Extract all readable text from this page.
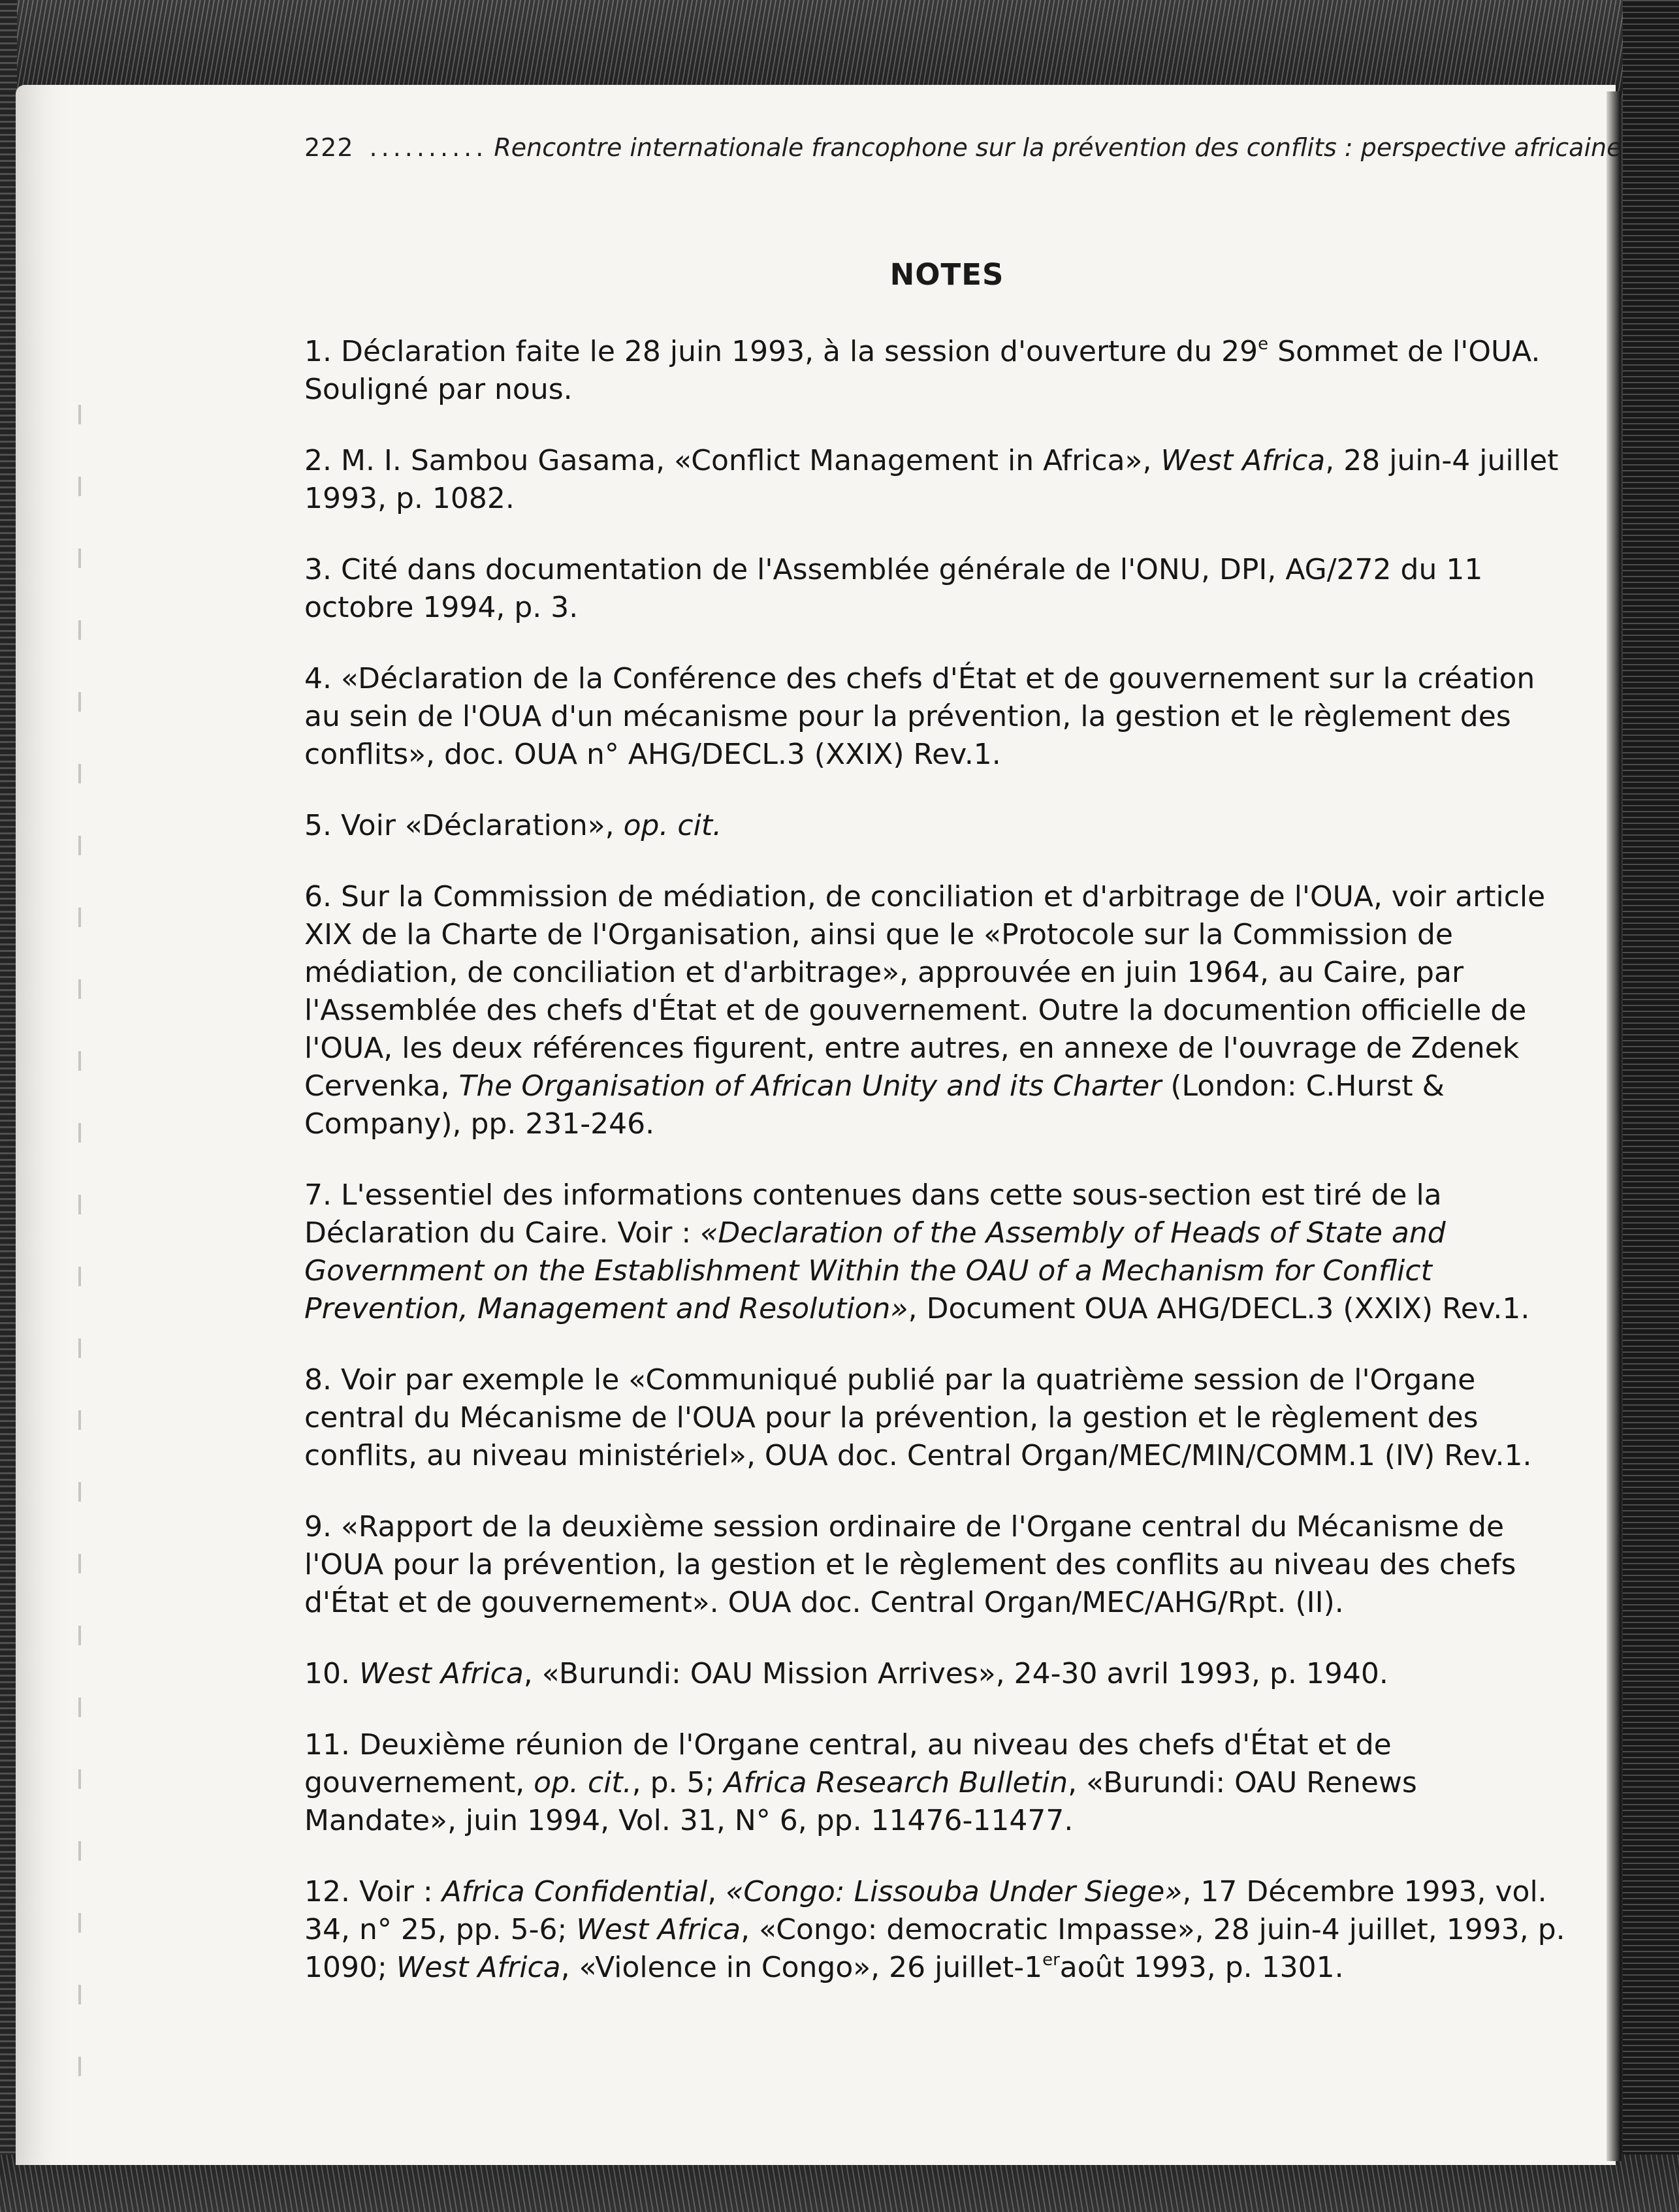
222 .......... Rencontre internationale francophone sur la prévention des conflits : perspective africaine
NOTES

1. Déclaration faite le 28 juin 1993, à la session d'ouverture du 29e Sommet de l'OUA. Souligné par nous.

2. M. I. Sambou Gasama, «Conflict Management in Africa», West Africa, 28 juin-4 juillet 1993, p. 1082.

3. Cité dans documentation de l'Assemblée générale de l'ONU, DPI, AG/272 du 11 octobre 1994, p. 3.

4. «Déclaration de la Conférence des chefs d'État et de gouvernement sur la création au sein de l'OUA d'un mécanisme pour la prévention, la gestion et le règlement des conflits», doc. OUA n° AHG/DECL.3 (XXIX) Rev.1.

5. Voir «Déclaration», op. cit.

6. Sur la Commission de médiation, de conciliation et d'arbitrage de l'OUA, voir article XIX de la Charte de l'Organisation, ainsi que le «Protocole sur la Commission de médiation, de conciliation et d'arbitrage», approuvée en juin 1964, au Caire, par l'Assemblée des chefs d'État et de gouvernement. Outre la documention officielle de l'OUA, les deux références figurent, entre autres, en annexe de l'ouvrage de Zdenek Cervenka, The Organisation of African Unity and its Charter (London: C.Hurst & Company), pp. 231-246.

7. L'essentiel des informations contenues dans cette sous-section est tiré de la Déclaration du Caire. Voir : «Declaration of the Assembly of Heads of State and Government on the Establishment Within the OAU of a Mechanism for Conflict Prevention, Management and Resolution», Document OUA AHG/DECL.3 (XXIX) Rev.1.

8. Voir par exemple le «Communiqué publié par la quatrième session de l'Organe central du Mécanisme de l'OUA pour la prévention, la gestion et le règlement des conflits, au niveau ministériel», OUA doc. Central Organ/MEC/MIN/COMM.1 (IV) Rev.1.

9. «Rapport de la deuxième session ordinaire de l'Organe central du Mécanisme de l'OUA pour la prévention, la gestion et le règlement des conflits au niveau des chefs d'État et de gouvernement». OUA doc. Central Organ/MEC/AHG/Rpt. (II).

10. West Africa, «Burundi: OAU Mission Arrives», 24-30 avril 1993, p. 1940.

11. Deuxième réunion de l'Organe central, au niveau des chefs d'État et de gouvernement, op. cit., p. 5; Africa Research Bulletin, «Burundi: OAU Renews Mandate», juin 1994, Vol. 31, N° 6, pp. 11476-11477.

12. Voir : Africa Confidential, «Congo: Lissouba Under Siege», 17 Décembre 1993, vol. 34, n° 25, pp. 5-6; West Africa, «Congo: democratic Impasse», 28 juin-4 juillet, 1993, p. 1090; West Africa, «Violence in Congo», 26 juillet-1eraoût 1993, p. 1301.
